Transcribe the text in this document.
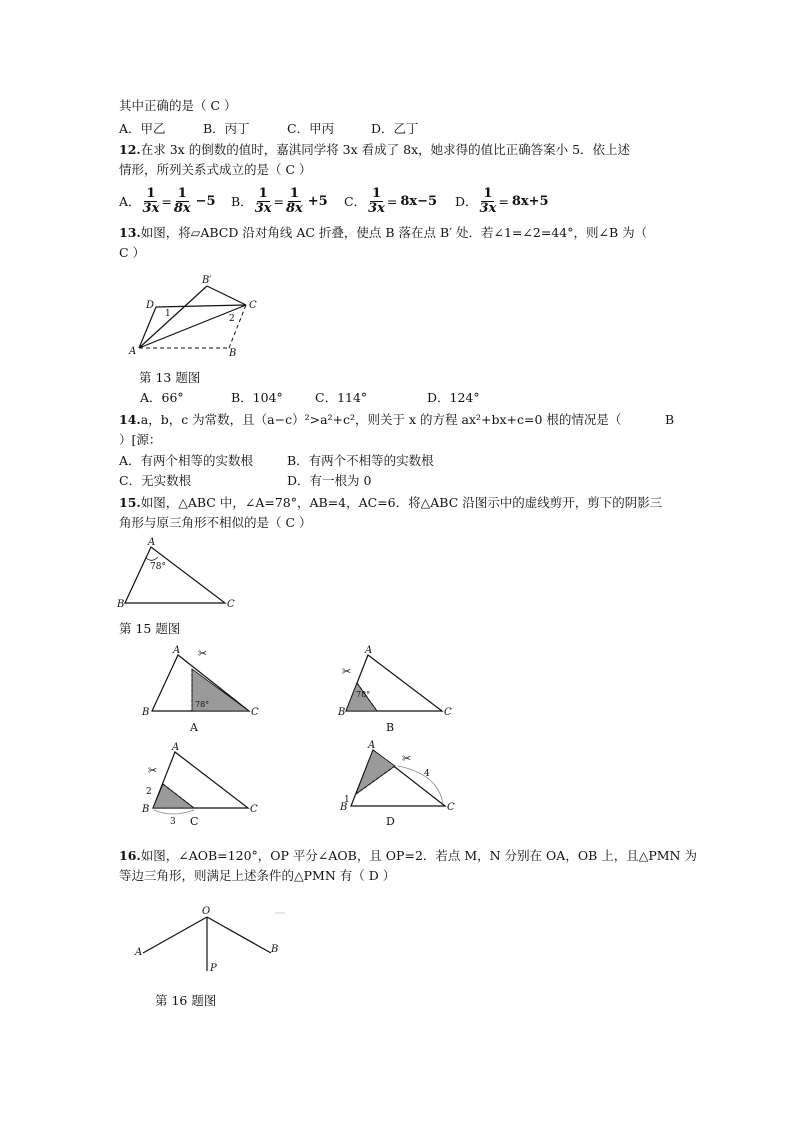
其中正确的是（ C ）
A．甲乙	B．丙丁	C．甲丙	D．乙丁
12.在求 3x 的倒数的值时，嘉淇同学将 3x 看成了 8x，她求得的值比正确答案小 5．依上述
情形，所列关系式成立的是（ C ）
A． $\frac{1}{3x} = \frac{1}{8x} -5$ B． $\frac{1}{3x} = \frac{1}{8x} +5$ C． $\frac{1}{3x} = 8x-5$ D． $\frac{1}{3x} = 8x+5$
13.如图，将▱ABCD 沿对角线 AC 折叠，使点 B 落在点 B′ 处．若∠1=∠2=44°，则∠B 为（
C ）
B′
D	C
A	B
1	2
第 13 题图
A．66°	B．104°	C．114°	D．124°
14.a，b，c 为常数，且（a−c）²>a²+c²，则关于 x 的方程 ax²+bx+c=0 根的情况是（	B
）[源：
A．有两个相等的实数根	B．有两个不相等的实数根
C．无实数根	D．有一根为 0
15.如图，△ABC 中，∠A=78°，AB=4，AC=6．将△ABC 沿图示中的虚线剪开，剪下的阴影三
角形与原三角形不相似的是（ C ）
A
B	C
78°
第 15 题图
✂
A
B	C
78°
A
✂
A
B	C
78°
B
✂
A
B	C
2
3 C
✂
A
B	C
1
4
D
16.如图，∠AOB=120°，OP 平分∠AOB，且 OP=2．若点 M，N 分别在 OA，OB 上，且△PMN 为
等边三角形，则满足上述条件的△PMN 有（ D ）
O
A	B
P
第 16 题图
